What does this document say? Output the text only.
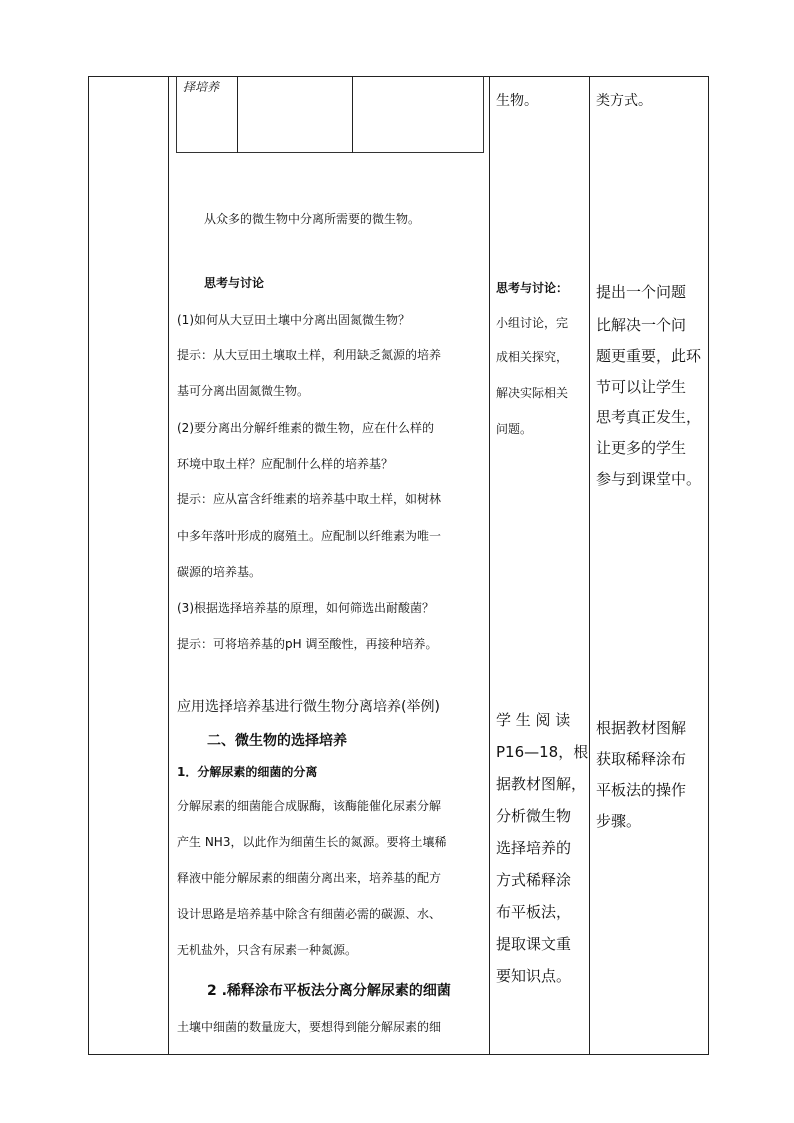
择培养
生物。	类方式。
从众多的微生物中分离所需要的微生物。
思考与讨论
(1)如何从大豆田土壤中分离出固氮微生物？
提示：从大豆田土壤取土样，利用缺乏氮源的培养
基可分离出固氮微生物。
(2)要分离出分解纤维素的微生物，应在什么样的
环境中取土样？应配制什么样的培养基？
提示：应从富含纤维素的培养基中取土样，如树林
中多年落叶形成的腐殖土。应配制以纤维素为唯一
碳源的培养基。
(3)根据选择培养基的原理，如何筛选出耐酸菌？
提示：可将培养基的pH 调至酸性，再接种培养。
应用选择培养基进行微生物分离培养(举例)
二、微生物的选择培养
1．分解尿素的细菌的分离
分解尿素的细菌能合成脲酶，该酶能催化尿素分解
产生 NH3，以此作为细菌生长的氮源。要将土壤稀
释液中能分解尿素的细菌分离出来，培养基的配方
设计思路是培养基中除含有细菌必需的碳源、水、
无机盐外，只含有尿素一种氮源。
2 .稀释涂布平板法分离分解尿素的细菌
土壤中细菌的数量庞大，要想得到能分解尿素的细
思考与讨论：
小组讨论，完
成相关探究，
解决实际相关
问题。
学 生 阅 读
P16—18，根
据教材图解，
分析微生物
选择培养的
方式稀释涂
布平板法，
提取课文重
要知识点。
提出一个问题
比解决一个问
题更重要，此环
节可以让学生
思考真正发生，
让更多的学生
参与到课堂中。
根据教材图解
获取稀释涂布
平板法的操作
步骤。
